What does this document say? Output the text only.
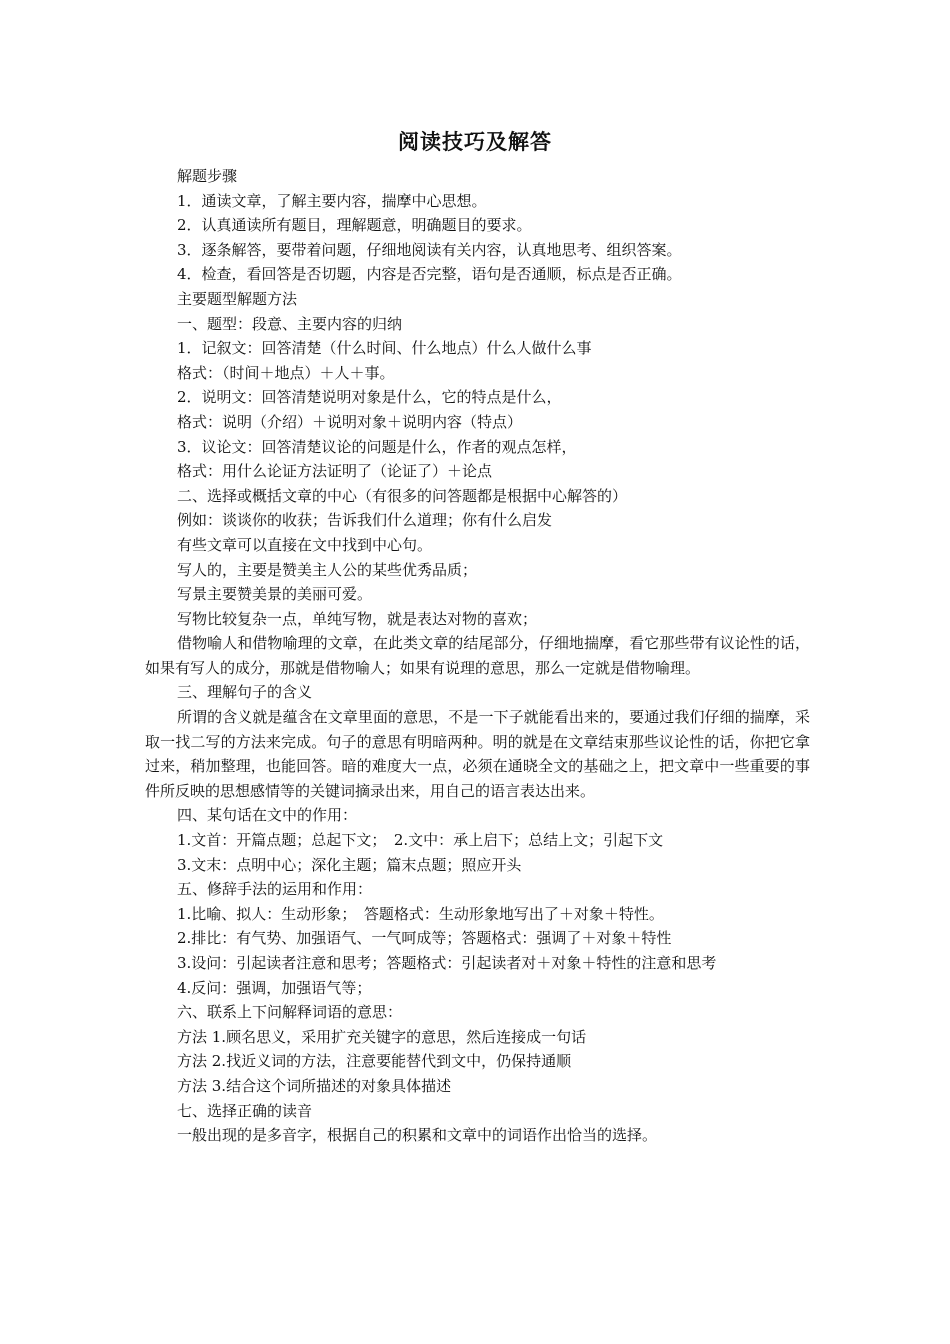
阅读技巧及解答

解题步骤

1．通读文章，了解主要内容，揣摩中心思想。

2．认真通读所有题目，理解题意，明确题目的要求。

3．逐条解答，要带着问题，仔细地阅读有关内容，认真地思考、组织答案。

4．检查，看回答是否切题，内容是否完整，语句是否通顺，标点是否正确。

主要题型解题方法

一、题型：段意、主要内容的归纳

1．记叙文：回答清楚（什么时间、什么地点）什么人做什么事

格式：（时间＋地点）＋人＋事。

2．说明文：回答清楚说明对象是什么，它的特点是什么，

格式：说明（介绍）＋说明对象＋说明内容（特点）

3．议论文：回答清楚议论的问题是什么，作者的观点怎样，

格式：用什么论证方法证明了（论证了）＋论点

二、选择或概括文章的中心（有很多的问答题都是根据中心解答的）

例如：谈谈你的收获；告诉我们什么道理；你有什么启发

有些文章可以直接在文中找到中心句。

写人的，主要是赞美主人公的某些优秀品质；

写景主要赞美景的美丽可爱。

写物比较复杂一点，单纯写物，就是表达对物的喜欢；

借物喻人和借物喻理的文章，在此类文章的结尾部分，仔细地揣摩，看它那些带有议论性的话，如果有写人的成分，那就是借物喻人；如果有说理的意思，那么一定就是借物喻理。

三、理解句子的含义

所谓的含义就是蕴含在文章里面的意思，不是一下子就能看出来的，要通过我们仔细的揣摩，采取一找二写的方法来完成。句子的意思有明暗两种。明的就是在文章结束那些议论性的话，你把它拿过来，稍加整理，也能回答。暗的难度大一点，必须在通晓全文的基础之上，把文章中一些重要的事件所反映的思想感情等的关键词摘录出来，用自己的语言表达出来。

四、某句话在文中的作用：

1.文首：开篇点题；总起下文；　2.文中：承上启下；总结上文；引起下文

3.文末：点明中心；深化主题；篇末点题；照应开头

五、修辞手法的运用和作用：

1.比喻、拟人：生动形象；　答题格式：生动形象地写出了＋对象＋特性。

2.排比：有气势、加强语气、一气呵成等；答题格式：强调了＋对象＋特性

3.设问：引起读者注意和思考；答题格式：引起读者对＋对象＋特性的注意和思考

4.反问：强调，加强语气等；

六、联系上下问解释词语的意思：

方法 1.顾名思义，采用扩充关键字的意思，然后连接成一句话

方法 2.找近义词的方法，注意要能替代到文中，仍保持通顺

方法 3.结合这个词所描述的对象具体描述

七、选择正确的读音

一般出现的是多音字，根据自己的积累和文章中的词语作出恰当的选择。
